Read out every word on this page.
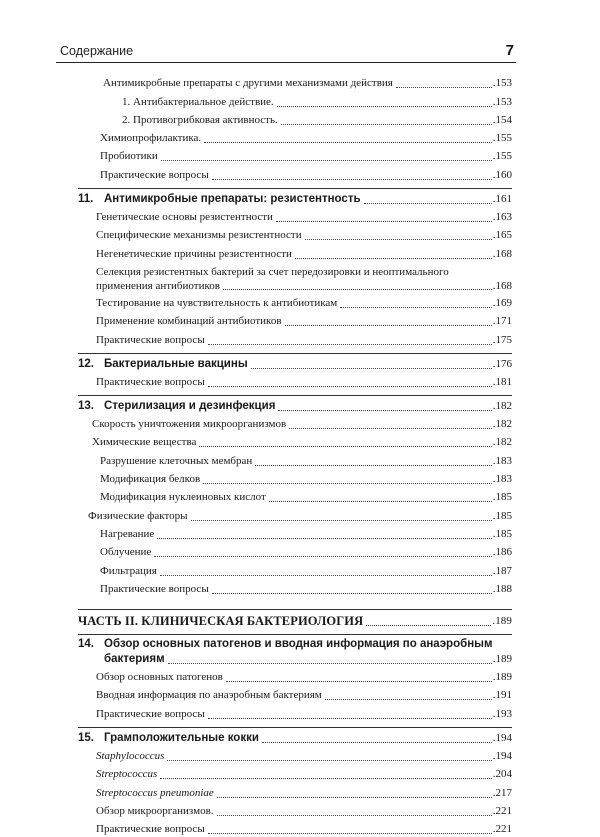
Содержание	7
Антимикробные препараты с другими механизмами действия	.153
1. Антибактериальное действие.	.153
2. Противогрибковая активность.	.154
Химиопрофилактика.	.155
Пробиотики	.155
Практические вопросы	.160
11. Антимикробные препараты: резистентность	.161
Генетические основы резистентности	.163
Специфические механизмы резистентности	.165
Негенетические причины резистентности	.168
Селекция резистентных бактерий за счет передозировки и неоптимального
применения антибиотиков	.168
Тестирование на чувствительность к антибиотикам	.169
Применение комбинаций антибиотиков	.171
Практические вопросы	.175
12. Бактериальные вакцины	.176
Практические вопросы	.181
13. Стерилизация и дезинфекция	.182
Скорость уничтожения микроорганизмов	.182
Химические вещества	.182
Разрушение клеточных мембран	.183
Модификация белков	.183
Модификация нуклеиновых кислот	.185
Физические факторы	.185
Нагревание	.185
Облучение	.186
Фильтрация	.187
Практические вопросы	.188
ЧАСТЬ II. КЛИНИЧЕСКАЯ БАКТЕРИОЛОГИЯ	.189
14. Обзор основных патогенов и вводная информация по анаэробным
бактериям	.189
Обзор основных патогенов	.189
Вводная информация по анаэробным бактериям	.191
Практические вопросы	.193
15. Грамположительные кокки	.194
Staphylococcus	.194
Streptococcus	.204
Streptococcus pneumoniae	.217
Обзор микроорганизмов.	.221
Практические вопросы	.221
